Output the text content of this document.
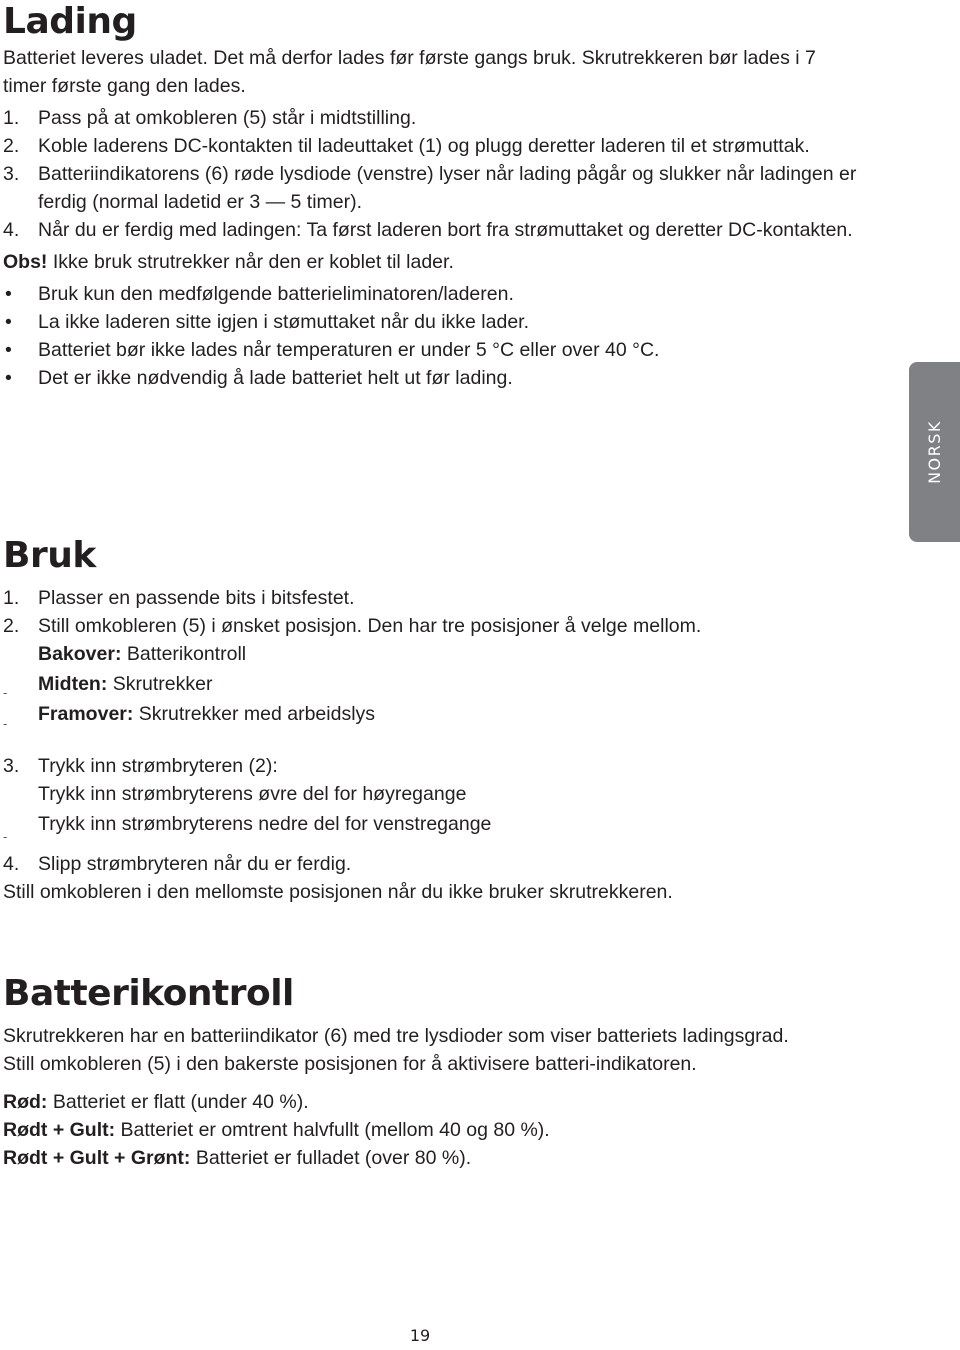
Lading
Batteriet leveres uladet. Det må derfor lades før første gangs bruk. Skrutrekkeren bør lades i 7 timer første gang den lades.
1. Pass på at omkobleren (5) står i midtstilling.
2. Koble laderens DC-kontakten til ladeuttaket (1) og plugg deretter laderen til et strømuttak.
3. Batteriindikatorens (6) røde lysdiode (venstre) lyser når lading pågår og slukker når ladingen er ferdig (normal ladetid er 3 — 5 timer).
4. Når du er ferdig med ladingen: Ta først laderen bort fra strømuttaket og deretter DC-kontakten.
Obs! Ikke bruk strutrekker når den er koblet til lader.
•	Bruk kun den medfølgende batterieliminatoren/laderen.
•	La ikke laderen sitte igjen i stømuttaket når du ikke lader.
•	Batteriet bør ikke lades når temperaturen er under 5 °C eller over 40 °C.
•	Det er ikke nødvendig å lade batteriet helt ut før lading.
NORSK
Bruk
1. Plasser en passende bits i bitsfestet.
2. Still omkobleren (5) i ønsket posisjon. Den har tre posisjoner å velge mellom.
Bakover: Batterikontroll
Midten: Skrutrekker
Framover: Skrutrekker med arbeidslys
3. Trykk inn strømbryteren (2):
Trykk inn strømbryterens øvre del for høyregange
Trykk inn strømbryterens nedre del for venstregange
4. Slipp strømbryteren når du er ferdig.
Still omkobleren i den mellomste posisjonen når du ikke bruker skrutrekkeren.
-
-
-
Batterikontroll
Skrutrekkeren har en batteriindikator (6) med tre lysdioder som viser batteriets ladingsgrad. Still omkobleren (5) i den bakerste posisjonen for å aktivisere batteri-indikatoren.
Rød: Batteriet er flatt (under 40 %).
Rødt + Gult: Batteriet er omtrent halvfullt (mellom 40 og 80 %).
Rødt + Gult + Grønt: Batteriet er fulladet (over 80 %).
19
